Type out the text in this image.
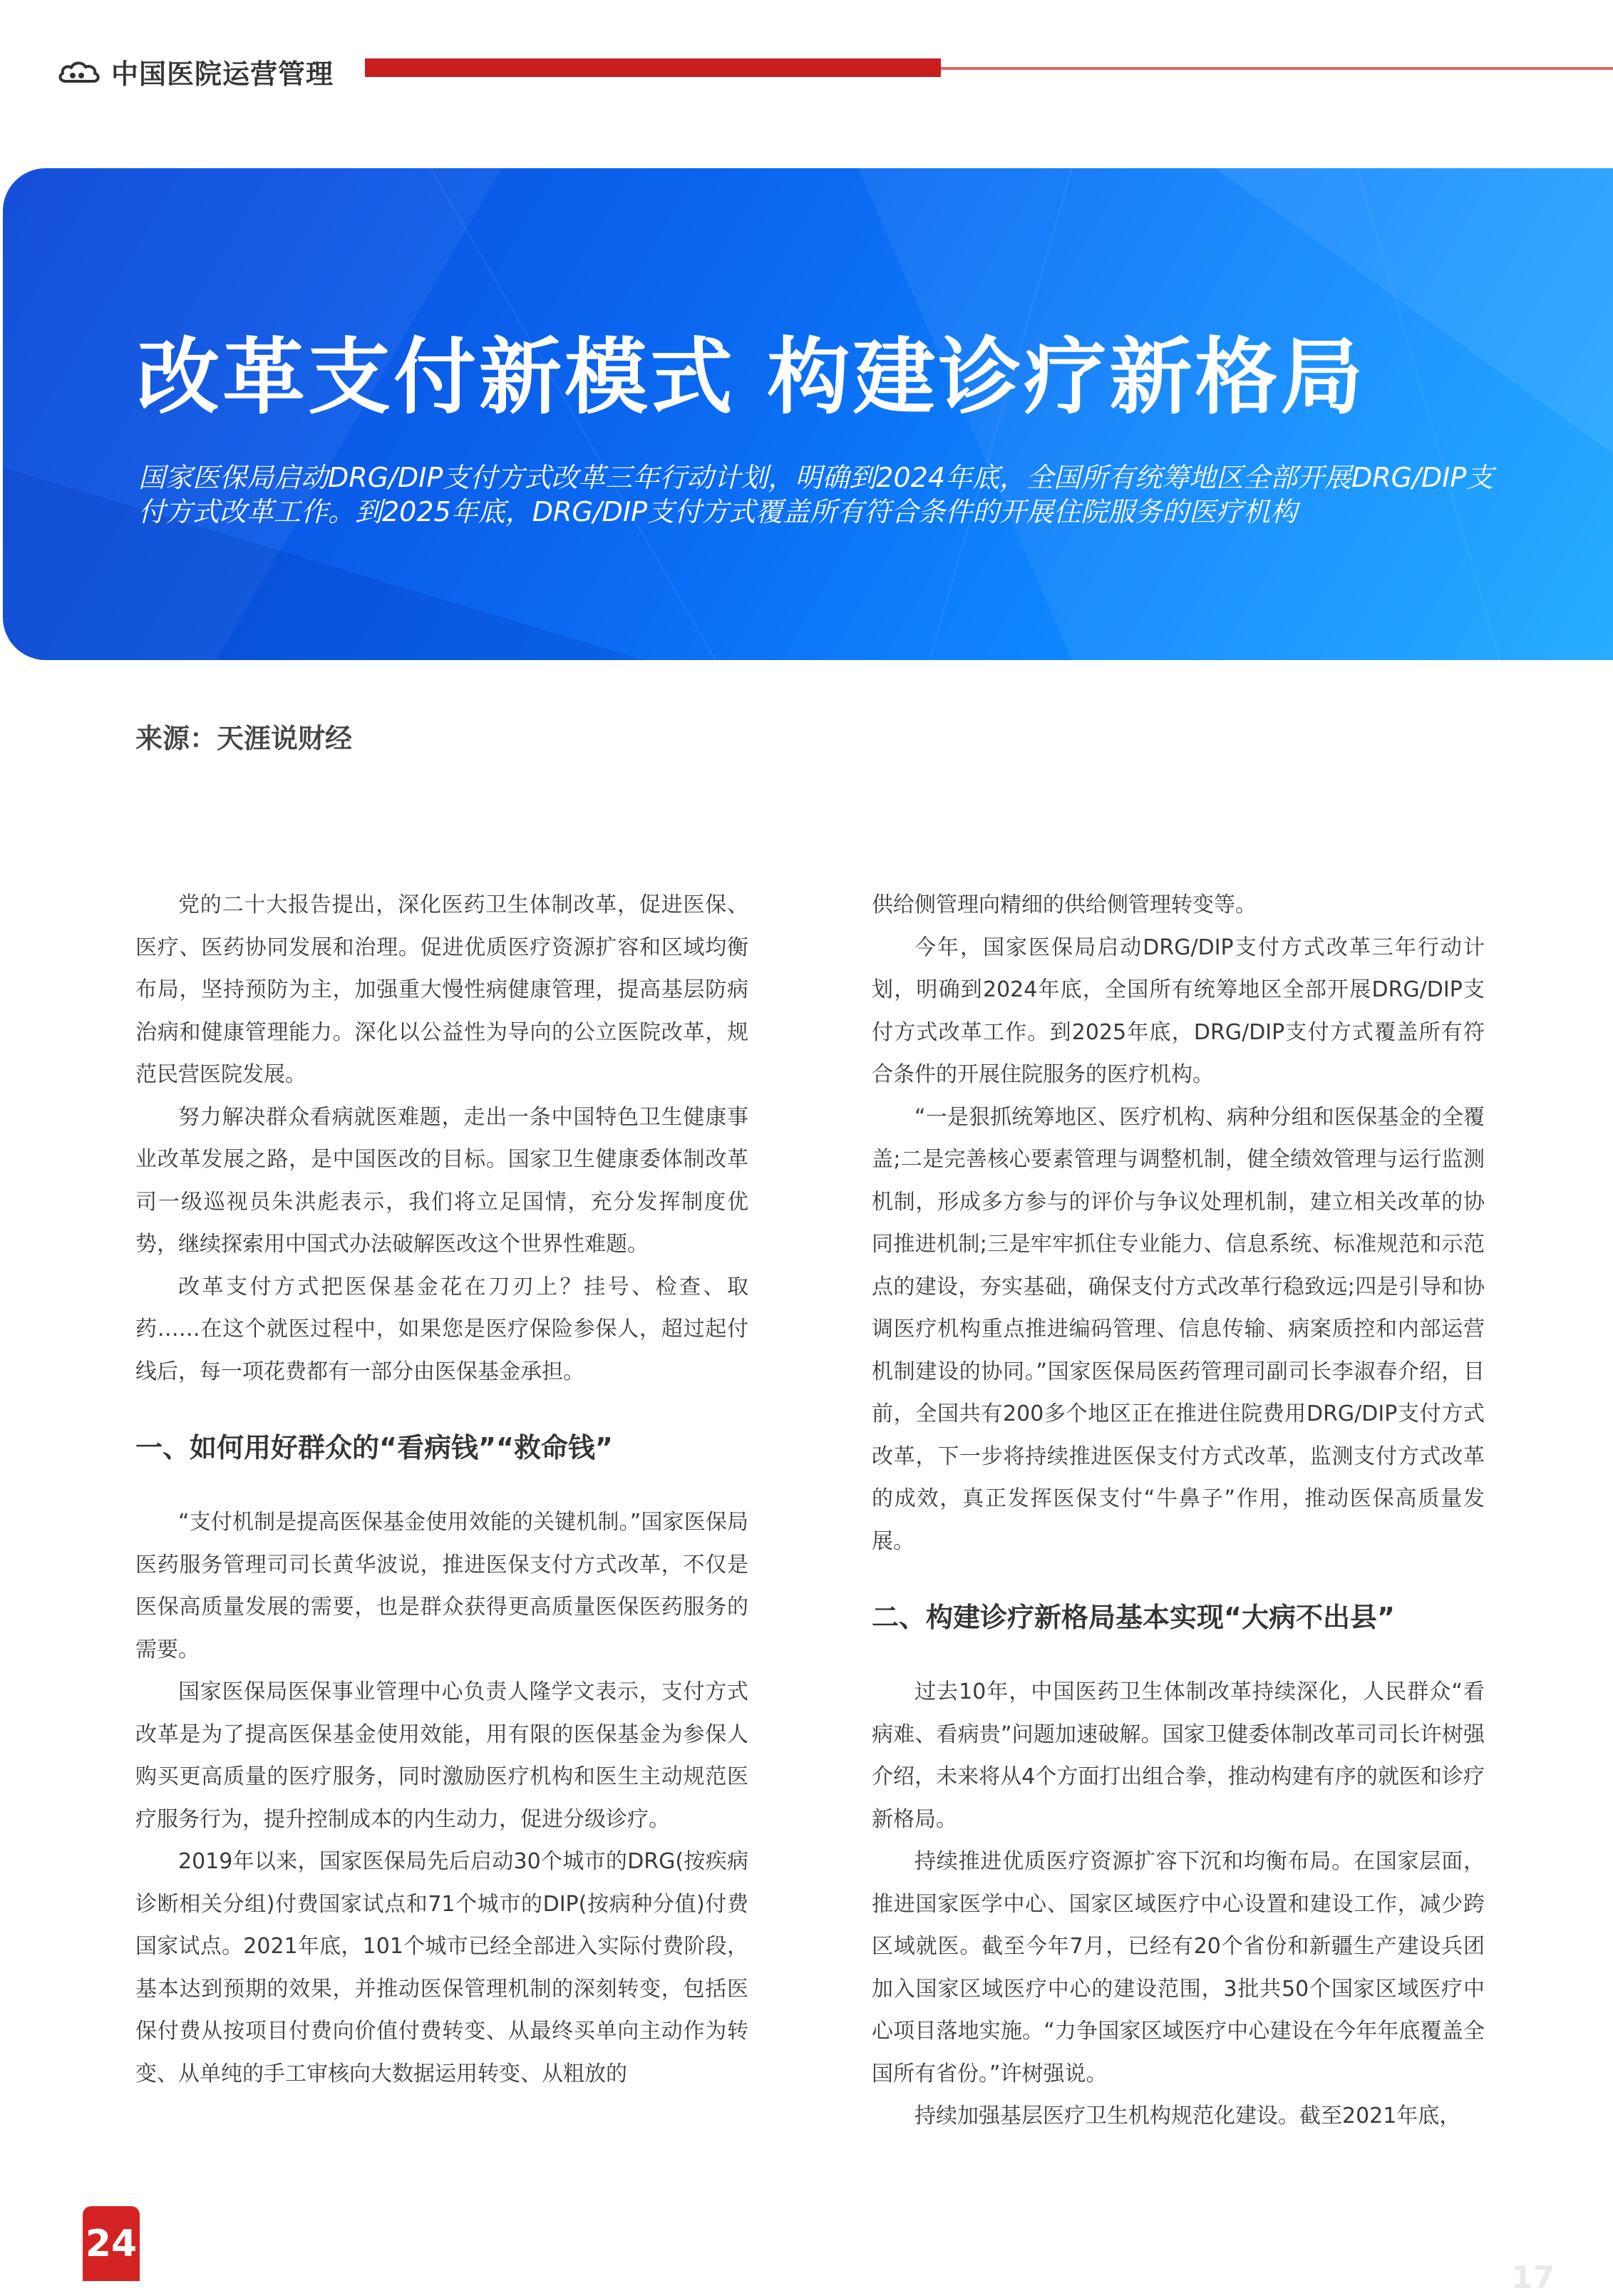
中国医院运营管理
改革支付新模式 构建诊疗新格局
国家医保局启动DRG/DIP支付方式改革三年行动计划，明确到2024年底，全国所有统筹地区全部开展DRG/DIP支付方式改革工作。到2025年底，DRG/DIP支付方式覆盖所有符合条件的开展住院服务的医疗机构
来源：天涯说财经

党的二十大报告提出，深化医药卫生体制改革，促进医保、医疗、医药协同发展和治理。促进优质医疗资源扩容和区域均衡布局，坚持预防为主，加强重大慢性病健康管理，提高基层防病治病和健康管理能力。深化以公益性为导向的公立医院改革，规范民营医院发展。

努力解决群众看病就医难题，走出一条中国特色卫生健康事业改革发展之路，是中国医改的目标。国家卫生健康委体制改革司一级巡视员朱洪彪表示，我们将立足国情，充分发挥制度优势，继续探索用中国式办法破解医改这个世界性难题。

改革支付方式把医保基金花在刀刃上？挂号、检查、取药……在这个就医过程中，如果您是医疗保险参保人，超过起付线后，每一项花费都有一部分由医保基金承担。

一、如何用好群众的“看病钱”“救命钱”

“支付机制是提高医保基金使用效能的关键机制。”国家医保局医药服务管理司司长黄华波说，推进医保支付方式改革，不仅是医保高质量发展的需要，也是群众获得更高质量医保医药服务的需要。

国家医保局医保事业管理中心负责人隆学文表示，支付方式改革是为了提高医保基金使用效能，用有限的医保基金为参保人购买更高质量的医疗服务，同时激励医疗机构和医生主动规范医疗服务行为，提升控制成本的内生动力，促进分级诊疗。

2019年以来，国家医保局先后启动30个城市的DRG(按疾病诊断相关分组)付费国家试点和71个城市的DIP(按病种分值)付费国家试点。2021年底，101个城市已经全部进入实际付费阶段，基本达到预期的效果，并推动医保管理机制的深刻转变，包括医保付费从按项目付费向价值付费转变、从最终买单向主动作为转变、从单纯的手工审核向大数据运用转变、从粗放的

供给侧管理向精细的供给侧管理转变等。

今年，国家医保局启动DRG/DIP支付方式改革三年行动计划，明确到2024年底，全国所有统筹地区全部开展DRG/DIP支付方式改革工作。到2025年底，DRG/DIP支付方式覆盖所有符合条件的开展住院服务的医疗机构。

“一是狠抓统筹地区、医疗机构、病种分组和医保基金的全覆盖;二是完善核心要素管理与调整机制，健全绩效管理与运行监测机制，形成多方参与的评价与争议处理机制，建立相关改革的协同推进机制;三是牢牢抓住专业能力、信息系统、标准规范和示范点的建设，夯实基础，确保支付方式改革行稳致远;四是引导和协调医疗机构重点推进编码管理、信息传输、病案质控和内部运营机制建设的协同。”国家医保局医药管理司副司长李淑春介绍，目前，全国共有200多个地区正在推进住院费用DRG/DIP支付方式改革，下一步将持续推进医保支付方式改革，监测支付方式改革的成效，真正发挥医保支付“牛鼻子”作用，推动医保高质量发展。

二、构建诊疗新格局基本实现“大病不出县”

过去10年，中国医药卫生体制改革持续深化，人民群众“看病难、看病贵”问题加速破解。国家卫健委体制改革司司长许树强介绍，未来将从4个方面打出组合拳，推动构建有序的就医和诊疗新格局。

持续推进优质医疗资源扩容下沉和均衡布局。在国家层面，推进国家医学中心、国家区域医疗中心设置和建设工作，减少跨区域就医。截至今年7月，已经有20个省份和新疆生产建设兵团加入国家区域医疗中心的建设范围，3批共50个国家区域医疗中心项目落地实施。“力争国家区域医疗中心建设在今年年底覆盖全国所有省份。”许树强说。

持续加强基层医疗卫生机构规范化建设。截至2021年底，

24
17
